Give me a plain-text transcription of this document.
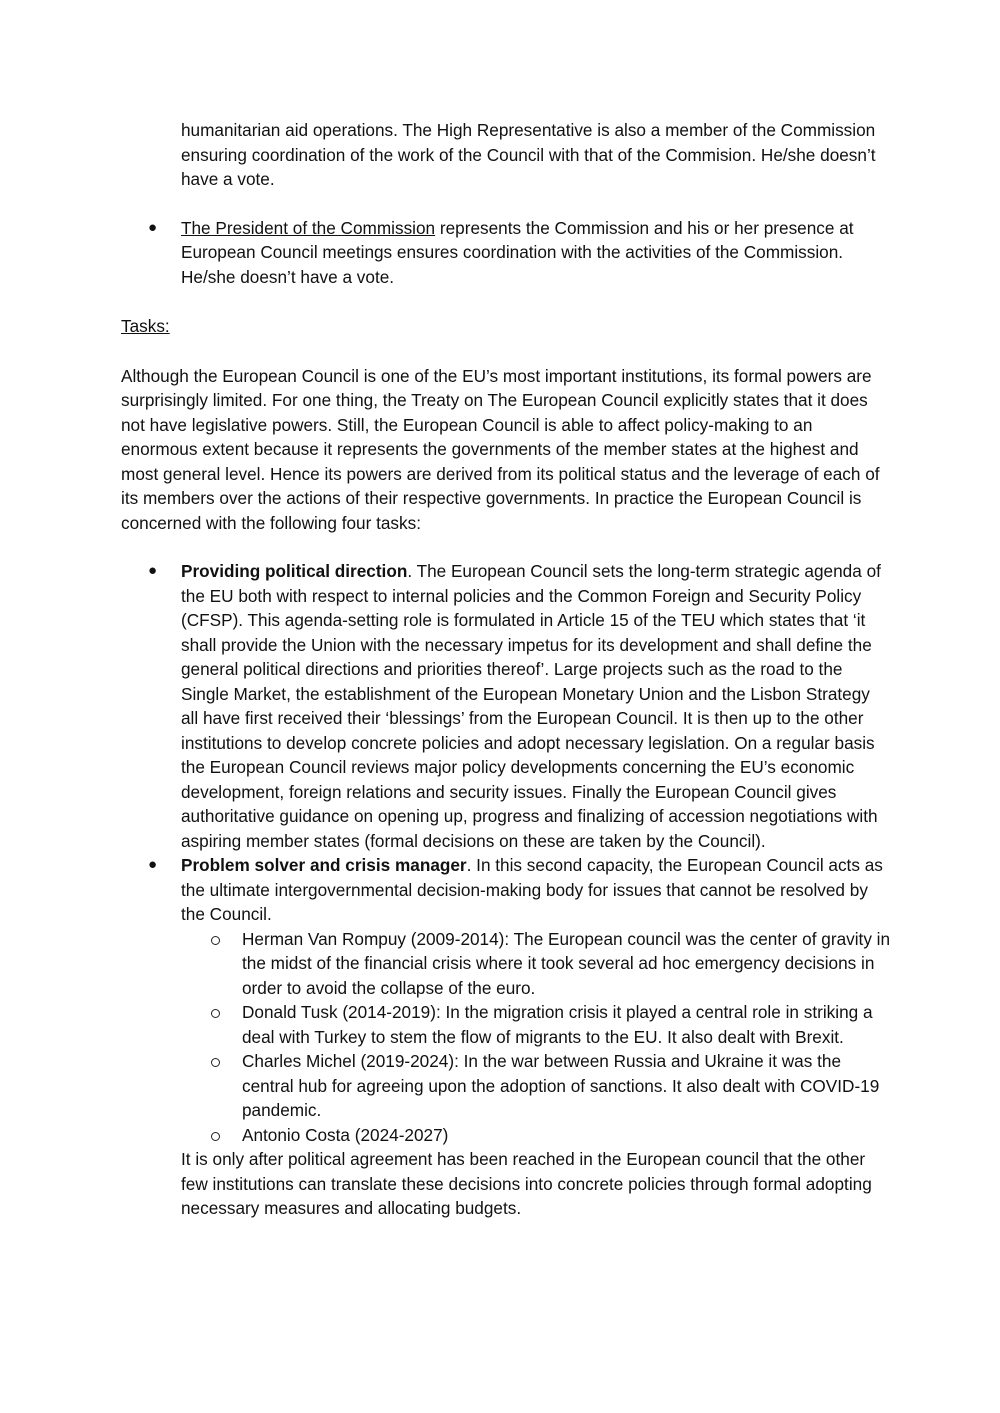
humanitarian aid operations. The High Representative is also a member of the Commission ensuring coordination of the work of the Council with that of the Commision. He/she doesn’t have a vote.

● The President of the Commission represents the Commission and his or her presence at European Council meetings ensures coordination with the activities of the Commission. He/she doesn’t have a vote.

Tasks:

Although the European Council is one of the EU’s most important institutions, its formal powers are surprisingly limited. For one thing, the Treaty on The European Council explicitly states that it does not have legislative powers. Still, the European Council is able to affect policy-making to an enormous extent because it represents the governments of the member states at the highest and most general level. Hence its powers are derived from its political status and the leverage of each of its members over the actions of their respective governments. In practice the European Council is concerned with the following four tasks:

● Providing political direction. The European Council sets the long-term strategic agenda of the EU both with respect to internal policies and the Common Foreign and Security Policy (CFSP). This agenda-setting role is formulated in Article 15 of the TEU which states that ‘it shall provide the Union with the necessary impetus for its development and shall define the general political directions and priorities thereof’. Large projects such as the road to the Single Market, the establishment of the European Monetary Union and the Lisbon Strategy all have first received their ‘blessings’ from the European Council. It is then up to the other institutions to develop concrete policies and adopt necessary legislation. On a regular basis the European Council reviews major policy developments concerning the EU’s economic development, foreign relations and security issues. Finally the European Council gives authoritative guidance on opening up, progress and finalizing of accession negotiations with aspiring member states (formal decisions on these are taken by the Council).
● Problem solver and crisis manager. In this second capacity, the European Council acts as the ultimate intergovernmental decision-making body for issues that cannot be resolved by the Council.
Herman Van Rompuy (2009-2014): The European council was the center of gravity in the midst of the financial crisis where it took several ad hoc emergency decisions in order to avoid the collapse of the euro.
Donald Tusk (2014-2019): In the migration crisis it played a central role in striking a deal with Turkey to stem the flow of migrants to the EU. It also dealt with Brexit.
Charles Michel (2019-2024): In the war between Russia and Ukraine it was the central hub for agreeing upon the adoption of sanctions. It also dealt with COVID-19 pandemic.
Antonio Costa (2024-2027)

It is only after political agreement has been reached in the European council that the other few institutions can translate these decisions into concrete policies through formal adopting necessary measures and allocating budgets.
